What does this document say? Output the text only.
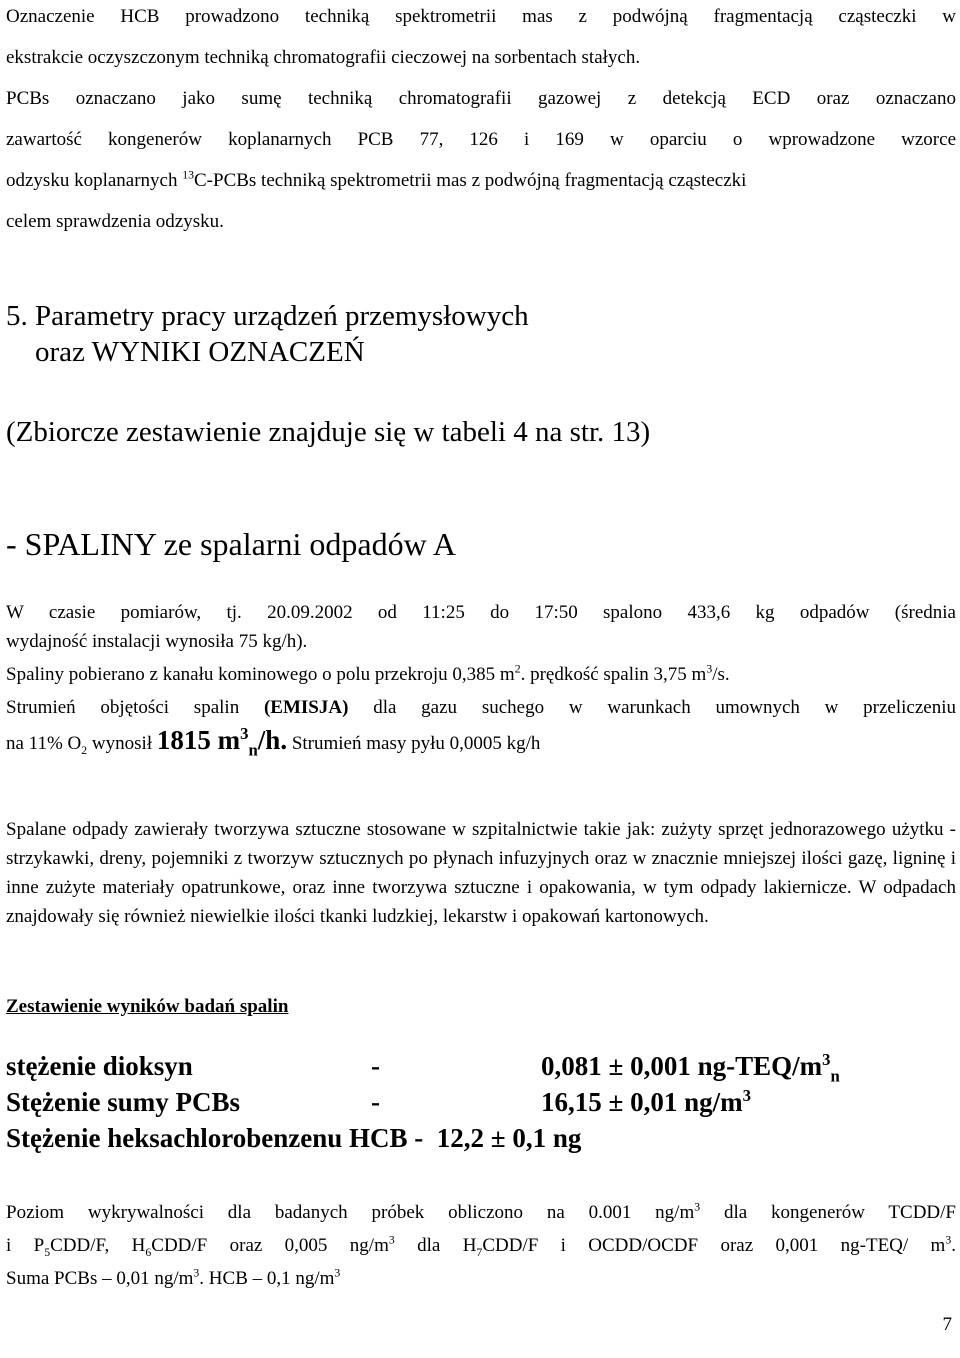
Oznaczenie HCB prowadzono techniką spektrometrii mas z podwójną fragmentacją cząsteczki w
ekstrakcie oczyszczonym techniką chromatografii cieczowej na sorbentach stałych.
PCBs oznaczano jako sumę techniką chromatografii gazowej z detekcją ECD oraz oznaczano
zawartość kongenerów koplanarnych PCB 77, 126 i 169 w oparciu o wprowadzone wzorce
odzysku koplanarnych $^{13}$C-PCBs techniką spektrometrii mas z podwójną fragmentacją cząsteczki
celem sprawdzenia odzysku.
5. Parametry pracy urządzeń przemysłowych
oraz WYNIKI OZNACZEŃ
(Zbiorcze zestawienie znajduje się w tabeli 4 na str. 13)
- SPALINY ze spalarni odpadów A
W czasie pomiarów, tj. 20.09.2002 od 11:25 do 17:50 spalono 433,6 kg odpadów (średnia
wydajność instalacji wynosiła 75 kg/h).
Spaliny pobierano z kanału kominowego o polu przekroju 0,385 $m^2$. prędkość spalin 3,75 $m^3/s$.
Strumień objętości spalin (EMISJA) dla gazu suchego w warunkach umownych w przeliczeniu
na 11% $O_2$ wynosił 1815 $m^3_n/h$. Strumień masy pyłu 0,0005 kg/h
Spalane odpady zawierały tworzywa sztuczne stosowane w szpitalnictwie takie jak: zużyty sprzęt jednorazowego użytku - strzykawki, dreny, pojemniki z tworzyw sztucznych po płynach infuzyjnych oraz w znacznie mniejszej ilości gazę, ligninę i inne zużyte materiały opatrunkowe, oraz inne tworzywa sztuczne i opakowania, w tym odpady lakiernicze. W odpadach znajdowały się również niewielkie ilości tkanki ludzkiej, lekarstw i opakowań kartonowych.
Zestawienie wyników badań spalin
stężenie dioksyn	-	0,081 ± 0,001 $ng-TEQ/m^3_n$
Stężenie sumy PCBs	-	16,15 ± 0,01 $ng/m^3$
Stężenie heksachlorobenzenu HCB -  12,2 ± 0,1 ng
Poziom wykrywalności dla badanych próbek obliczono na 0.001 $ng/m^3$ dla kongenerów TCDD/F
i $P_5CDD/F$, $H_6CDD/F$ oraz 0,005 $ng/m^3$ dla $H_7CDD/F$ i OCDD/OCDF oraz 0,001 ng-TEQ/ $m^3$.
Suma PCBs – 0,01 $ng/m^3$. HCB – 0,1 $ng/m^3$
7
